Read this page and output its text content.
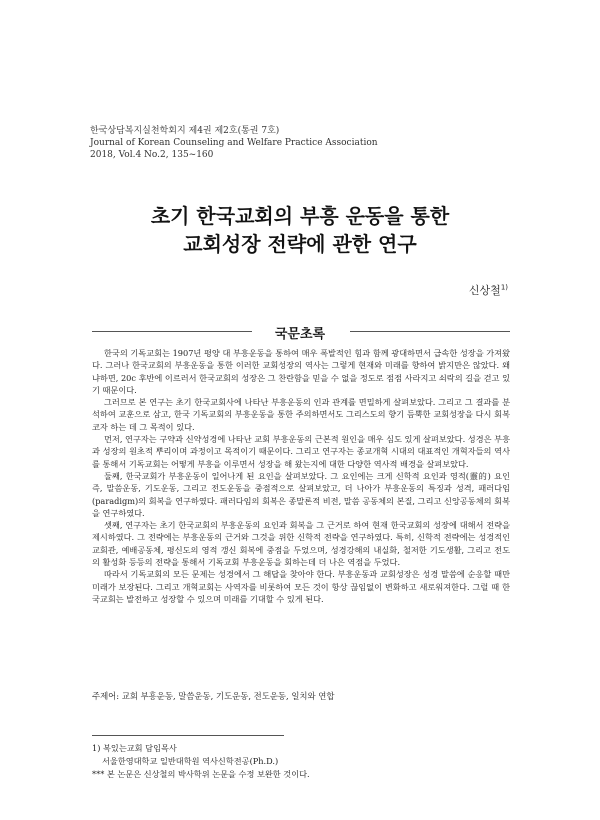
한국상담복지실천학회지 제4권 제2호(통권 7호)
Journal of Korean Counseling and Welfare Practice Association
2018, Vol.4 No.2, 135~160
초기 한국교회의 부흥 운동을 통한
교회성장 전략에 관한 연구
신상철$^{1)}$
국문초록

한국의 기독교회는 1907년 평양 대 부흥운동을 통하여 매우 폭발적인 힘과 함께 광대하면서 급속한 성장을 가져왔다. 그러나 한국교회의 부흥운동을 통한 이러한 교회성장의 역사는 그렇게 현재와 미래를 향하여 밝지만은 않았다. 왜냐하면, 20c 후반에 이르러서 한국교회의 성장은 그 찬란함을 믿을 수 없을 정도로 점점 사라지고 쇠락의 길을 걷고 있기 때문이다.

그러므로 본 연구는 초기 한국교회사에 나타난 부흥운동의 인과 관계를 면밀하게 살펴보았다. 그리고 그 결과를 분석하여 교훈으로 삼고, 한국 기독교회의 부흥운동을 통한 주의하면서도 그리스도의 향기 듬뿍한 교회성장을 다시 회복코자 하는 데 그 목적이 있다.

먼저, 연구자는 구약과 신약성경에 나타난 교회 부흥운동의 근본적 원인을 매우 심도 있게 살펴보았다. 성경은 부흥과 성장의 원초적 뿌리이며 과정이고 목적이기 때문이다. 그리고 연구자는 종교개혁 시대의 대표적인 개혁자들의 역사를 통해서 기독교회는 어떻게 부흥을 이루면서 성장을 해 왔는지에 대한 다양한 역사적 배경을 살펴보았다.

둘째, 한국교회가 부흥운동이 일어나게 된 요인을 살펴보았다. 그 요인에는 크게 신학적 요인과 영적(靈的) 요인 즉, 말씀운동, 기도운동, 그리고 전도운동을 중점적으로 살펴보았고, 더 나아가 부흥운동의 특징과 성격, 패러다임(paradigm)의 회복을 연구하였다. 패러다임의 회복은 종말론적 비전, 말씀 공동체의 본질, 그리고 신앙공동체의 회복을 연구하였다.

셋째, 연구자는 초기 한국교회의 부흥운동의 요인과 회복을 그 근거로 하여 현재 한국교회의 성장에 대해서 전략을 제시하였다. 그 전략에는 부흥운동의 근거와 그것을 위한 신학적 전략을 연구하였다. 특히, 신학적 전략에는 성경적인 교회관, 예배공동체, 평신도의 영적 갱신 회복에 중점을 두었으며, 성경강해의 내실화, 철저한 기도생활, 그리고 전도의 활성화 등등의 전략을 통해서 기독교회 부흥운동을 회하는데 더 나은 역점을 두었다.

따라서 기독교회의 모든 문제는 성경에서 그 해답을 찾아야 한다. 부흥운동과 교회성장은 성경 말씀에 순응할 때만 미래가 보장된다. 그리고 개혁교회는 사역자를 비롯하여 모든 것이 항상 끊임없이 변화하고 새로워져한다. 그럴 때 한국교회는 발전하고 성장할 수 있으며 미래를 기대할 수 있게 된다.

주제어: 교회 부흥운동, 말씀운동, 기도운동, 전도운동, 일치와 연합
1) 복있는교회 담임목사
서울한영대학교 일반대학원 역사신학전공(Ph.D.)
*** 본 논문은 신상철의 박사학위 논문을 수정 보완한 것이다.
